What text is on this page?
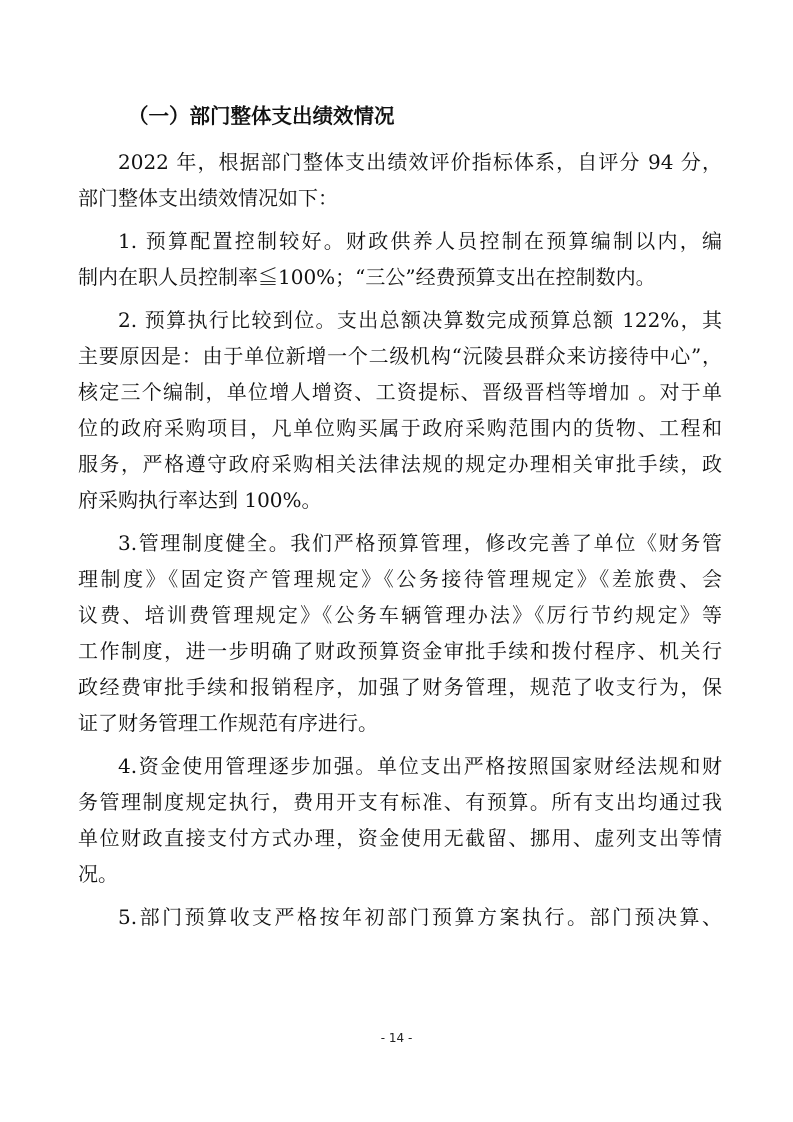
（一）部门整体支出绩效情况
2022 年，根据部门整体支出绩效评价指标体系，自评分 94 分，
部门整体支出绩效情况如下：
1. 预算配置控制较好。财政供养人员控制在预算编制以内，编
制内在职人员控制率≦100%；“三公”经费预算支出在控制数内。
2. 预算执行比较到位。支出总额决算数完成预算总额 122%，其
主要原因是：由于单位新增一个二级机构“沅陵县群众来访接待中心”，
核定三个编制，单位增人增资、工资提标、晋级晋档等增加 。对于单
位的政府采购项目，凡单位购买属于政府采购范围内的货物、工程和
服务，严格遵守政府采购相关法律法规的规定办理相关审批手续，政
府采购执行率达到 100%。
3.管理制度健全。我们严格预算管理，修改完善了单位《财务管
理制度》《固定资产管理规定》《公务接待管理规定》《差旅费、会
议费、培训费管理规定》《公务车辆管理办法》《厉行节约规定》等
工作制度，进一步明确了财政预算资金审批手续和拨付程序、机关行
政经费审批手续和报销程序，加强了财务管理，规范了收支行为，保
证了财务管理工作规范有序进行。
4.资金使用管理逐步加强。单位支出严格按照国家财经法规和财
务管理制度规定执行，费用开支有标准、有预算。所有支出均通过我
单位财政直接支付方式办理，资金使用无截留、挪用、虚列支出等情
况。
5.部门预算收支严格按年初部门预算方案执行。部门预决算、
- 14 -
